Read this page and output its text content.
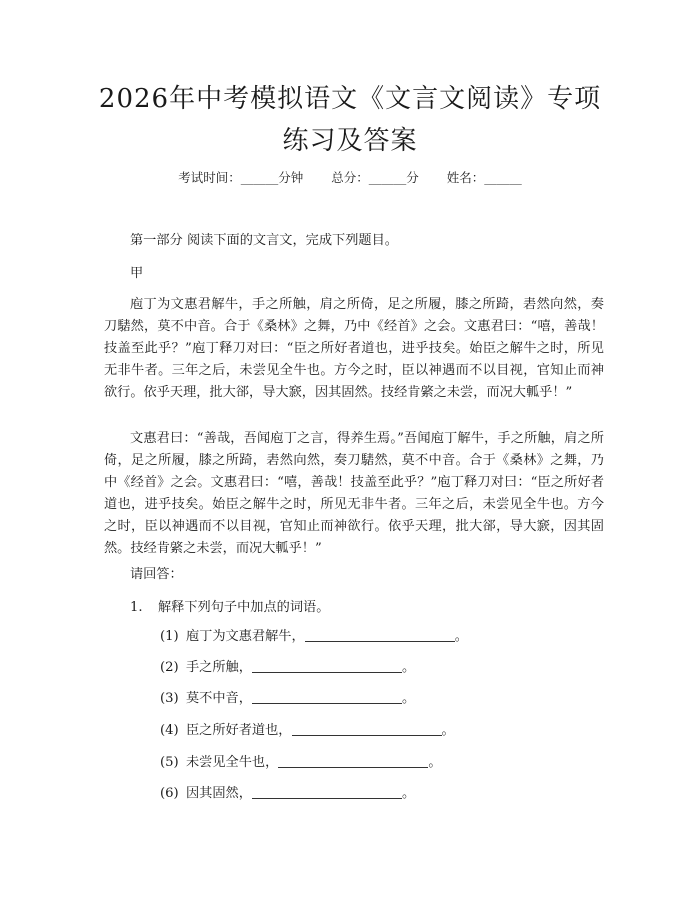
2026年中考模拟语文《文言文阅读》专项练习及答案
考试时间：______分钟 总分：______分 姓名：______
第一部分 阅读下面的文言文，完成下列题目。
甲
庖丁为文惠君解牛，手之所触，肩之所倚，足之所履，膝之所踦，砉然向然，奏刀騞然，莫不中音。合于《桑林》之舞，乃中《经首》之会。文惠君曰：“嘻，善哉！技盖至此乎？”庖丁释刀对曰：“臣之所好者道也，进乎技矣。始臣之解牛之时，所见无非牛者。三年之后，未尝见全牛也。方今之时，臣以神遇而不以目视，官知止而神欲行。依乎天理，批大郤，导大窾，因其固然。技经肯綮之未尝，而况大軱乎！”
文惠君曰：“善哉，吾闻庖丁之言，得养生焉。”吾闻庖丁解牛，手之所触，肩之所倚，足之所履，膝之所踦，砉然向然，奏刀騞然，莫不中音。合于《桑林》之舞，乃中《经首》之会。文惠君曰：“嘻，善哉！技盖至此乎？”庖丁释刀对曰：“臣之所好者道也，进乎技矣。始臣之解牛之时，所见无非牛者。三年之后，未尝见全牛也。方今之时，臣以神遇而不以目视，官知止而神欲行。依乎天理，批大郤，导大窾，因其固然。技经肯綮之未尝，而况大軱乎！”
请回答：
1. 解释下列句子中加点的词语。
(1) 庖丁为文惠君解牛，	。
(2) 手之所触，	。
(3) 莫不中音，	。
(4) 臣之所好者道也，	。
(5) 未尝见全牛也，	。
(6) 因其固然，	。
